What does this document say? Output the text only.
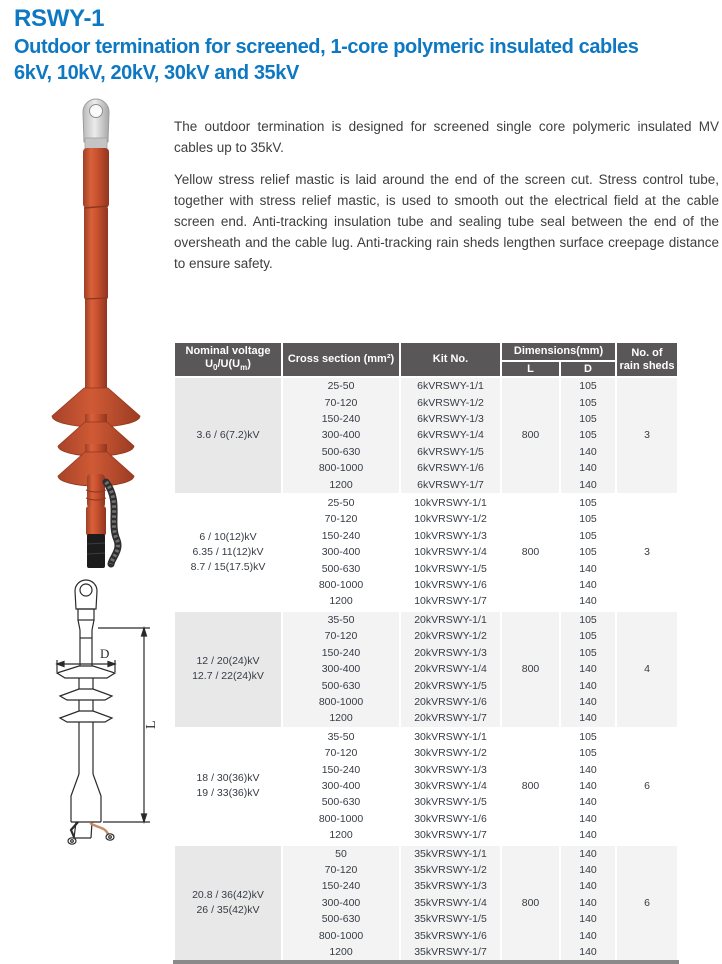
RSWY-1
Outdoor termination for screened, 1-core polymeric insulated cables
6kV, 10kV, 20kV, 30kV and 35kV

The outdoor termination is designed for screened single core polymeric insulated MV cables up to 35kV.

Yellow stress relief mastic is laid around the end of the screen cut. Stress control tube, together with stress relief mastic, is used to smooth out the electrical field at the cable screen end. Anti-tracking insulation tube and sealing tube seal between the end of the oversheath and the cable lug. Anti-tracking rain sheds lengthen surface creepage distance to ensure safety.

D
L
Nominal voltage
$U_0/U(U_m)$	Cross section (mm²)	Kit No.	Dimensions(mm)	No. of
rain sheds

			L	D	

3.6 / 6(7.2)kV	25-50	6kVRSWY-1/1	800	105	3
	70-120	6kVRSWY-1/2		105	
	150-240	6kVRSWY-1/3		105	
	300-400	6kVRSWY-1/4		105	
	500-630	6kVRSWY-1/5		140	
	800-1000	6kVRSWY-1/6		140	
	1200	6kVRSWY-1/7		140	

6 / 10(12)kV
6.35 / 11(12)kV
8.7 / 15(17.5)kV	25-50	10kVRSWY-1/1	800	105	3
	70-120	10kVRSWY-1/2		105	
	150-240	10kVRSWY-1/3		105	
	300-400	10kVRSWY-1/4		105	
	500-630	10kVRSWY-1/5		140	
	800-1000	10kVRSWY-1/6		140	
	1200	10kVRSWY-1/7		140	

12 / 20(24)kV
12.7 / 22(24)kV	35-50	20kVRSWY-1/1	800	105	4
	70-120	20kVRSWY-1/2		105	
	150-240	20kVRSWY-1/3		105	
	300-400	20kVRSWY-1/4		140	
	500-630	20kVRSWY-1/5		140	
	800-1000	20kVRSWY-1/6		140	
	1200	20kVRSWY-1/7		140	

18 / 30(36)kV
19 / 33(36)kV	35-50	30kVRSWY-1/1	800	105	6
	70-120	30kVRSWY-1/2		105	
	150-240	30kVRSWY-1/3		140	
	300-400	30kVRSWY-1/4		140	
	500-630	30kVRSWY-1/5		140	
	800-1000	30kVRSWY-1/6		140	
	1200	30kVRSWY-1/7		140	

20.8 / 36(42)kV
26 / 35(42)kV	50	35kVRSWY-1/1	800	140	6
	70-120	35kVRSWY-1/2		140	
	150-240	35kVRSWY-1/3		140	
	300-400	35kVRSWY-1/4		140	
	500-630	35kVRSWY-1/5		140	
	800-1000	35kVRSWY-1/6		140	
	1200	35kVRSWY-1/7		140	
